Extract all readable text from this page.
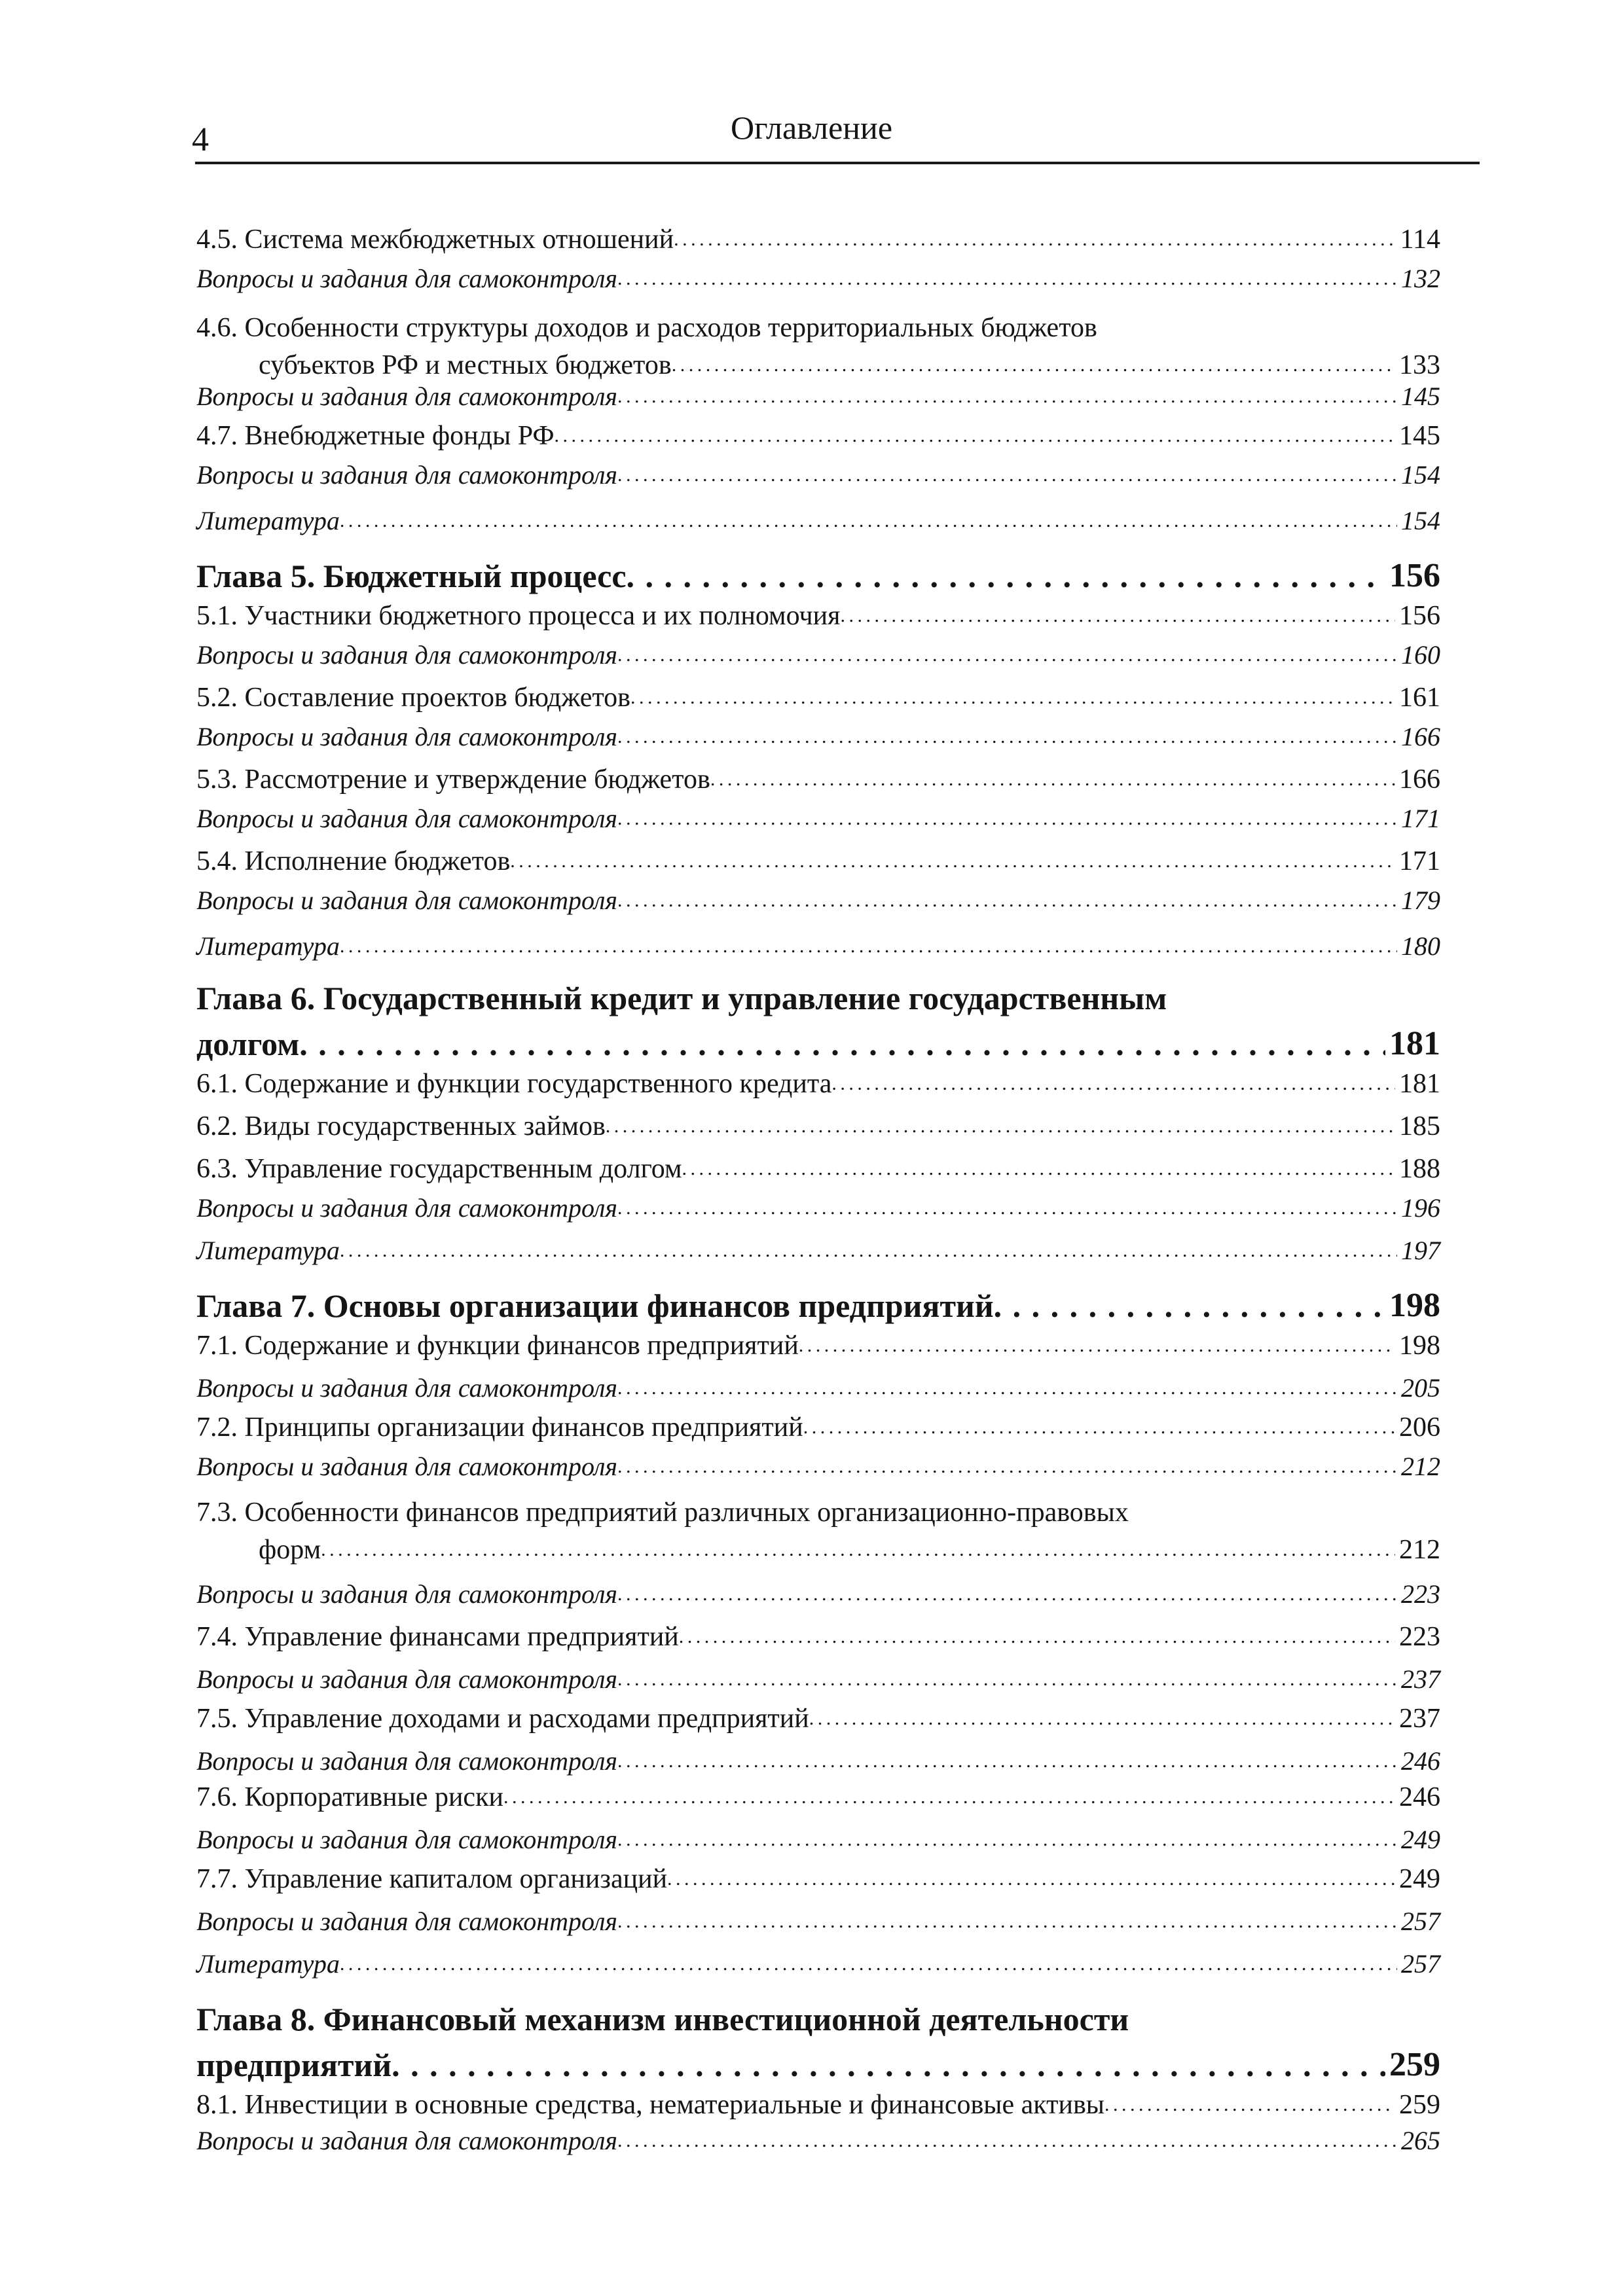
4	Оглавление
4.5. Система межбюджетных отношений . . .	114
Вопросы и задания для самоконтроля . . .	132
4.6. Особенности структуры доходов и расходов территориальных бюджетов
субъектов РФ и местных бюджетов . . .	133
Вопросы и задания для самоконтроля . . .	145
4.7. Внебюджетные фонды РФ . . .	145
Вопросы и задания для самоконтроля . . .	154
Литература . . .	154
Глава 5. Бюджетный процесс . . .	156
5.1. Участники бюджетного процесса и их полномочия . . .	156
Вопросы и задания для самоконтроля . . .	160
5.2. Составление проектов бюджетов . . .	161
Вопросы и задания для самоконтроля . . .	166
5.3. Рассмотрение и утверждение бюджетов . . .	166
Вопросы и задания для самоконтроля . . .	171
5.4. Исполнение бюджетов . . .	171
Вопросы и задания для самоконтроля . . .	179
Литература . . .	180
Глава 6. Государственный кредит и управление государственным
долгом . . .	181
6.1. Содержание и функции государственного кредита . . .	181
6.2. Виды государственных займов . . .	185
6.3. Управление государственным долгом . . .	188
Вопросы и задания для самоконтроля . . .	196
Литература . . .	197
Глава 7. Основы организации финансов предприятий . . .	198
7.1. Содержание и функции финансов предприятий . . .	198
Вопросы и задания для самоконтроля . . .	205
7.2. Принципы организации финансов предприятий . . .	206
Вопросы и задания для самоконтроля . . .	212
7.3. Особенности финансов предприятий различных организационно-правовых
форм . . .	212
Вопросы и задания для самоконтроля . . .	223
7.4. Управление финансами предприятий . . .	223
Вопросы и задания для самоконтроля . . .	237
7.5. Управление доходами и расходами предприятий . . .	237
Вопросы и задания для самоконтроля . . .	246
7.6. Корпоративные риски . . .	246
Вопросы и задания для самоконтроля . . .	249
7.7. Управление капиталом организаций . . .	249
Вопросы и задания для самоконтроля . . .	257
Литература . . .	257
Глава 8. Финансовый механизм инвестиционной деятельности
предприятий . . .	259
8.1. Инвестиции в основные средства, нематериальные и финансовые активы . . .	259
Вопросы и задания для самоконтроля . . .	265
